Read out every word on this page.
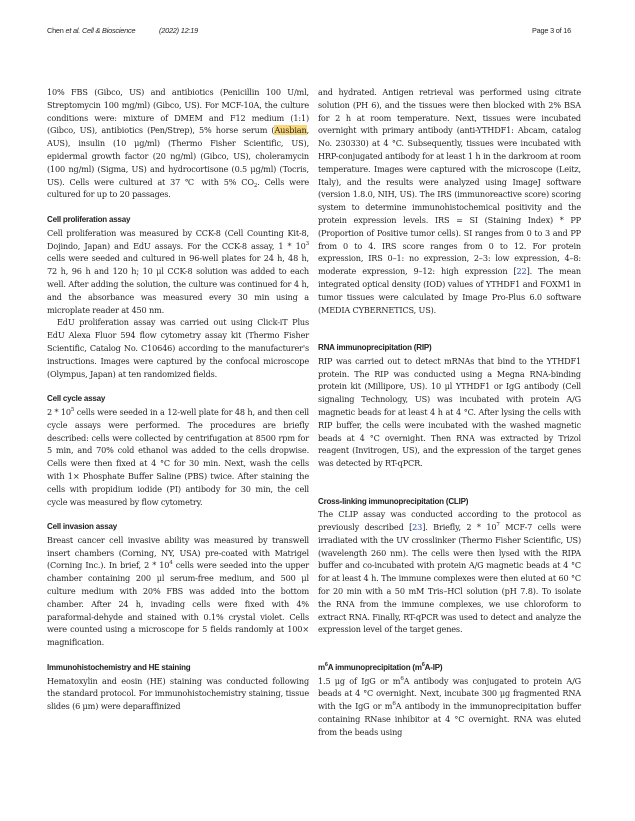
Chen et al. Cell & Bioscience	(2022) 12:19	Page 3 of 16

10% FBS (Gibco, US) and antibiotics (Penicillin 100 U/ml, Streptomycin 100 mg/ml) (Gibco, US). For MCF-10A, the culture conditions were: mixture of DMEM and F12 medium (1:1) (Gibco, US), antibiotics (Pen/Strep), 5% horse serum (Ausbian, AUS), insulin (10 μg/ml) (Thermo Fisher Scientific, US), epidermal growth factor (20 ng/ml) (Gibco, US), choleramycin (100 ng/ml) (Sigma, US) and hydrocortisone (0.5 μg/ml) (Tocris, US). Cells were cultured at 37 ℃ with 5% $CO_2$. Cells were cultured for up to 20 passages.

Cell proliferation assay

Cell proliferation was measured by CCK-8 (Cell Counting Kit-8, Dojindo, Japan) and EdU assays. For the CCK-8 assay, $1 * 10^3$ cells were seeded and cultured in 96-well plates for 24 h, 48 h, 72 h, 96 h and 120 h; 10 μl CCK-8 solution was added to each well. After adding the solution, the culture was continued for 4 h, and the absorbance was measured every 30 min using a microplate reader at 450 nm.

EdU proliferation assay was carried out using Click-iT Plus EdU Alexa Fluor 594 flow cytometry assay kit (Thermo Fisher Scientific, Catalog No. C10646) according to the manufacturer's instructions. Images were captured by the confocal microscope (Olympus, Japan) at ten randomized fields.

Cell cycle assay

$2 * 10^5$ cells were seeded in a 12-well plate for 48 h, and then cell cycle assays were performed. The procedures are briefly described: cells were collected by centrifugation at 8500 rpm for 5 min, and 70% cold ethanol was added to the cells dropwise. Cells were then fixed at 4 °C for 30 min. Next, wash the cells with 1× Phosphate Buffer Saline (PBS) twice. After staining the cells with propidium iodide (PI) antibody for 30 min, the cell cycle was measured by flow cytometry.

Cell invasion assay

Breast cancer cell invasive ability was measured by transwell insert chambers (Corning, NY, USA) pre-coated with Matrigel (Corning Inc.). In brief, $2 * 10^4$ cells were seeded into the upper chamber containing 200 μl serum-free medium, and 500 μl culture medium with 20% FBS was added into the bottom chamber. After 24 h, invading cells were fixed with 4% paraformal-dehyde and stained with 0.1% crystal violet. Cells were counted using a microscope for 5 fields randomly at 100× magnification.

Immunohistochemistry and HE staining

Hematoxylin and eosin (HE) staining was conducted following the standard protocol. For immunohistochemistry staining, tissue slides (6 μm) were deparaffinized

and hydrated. Antigen retrieval was performed using citrate solution (PH 6), and the tissues were then blocked with 2% BSA for 2 h at room temperature. Next, tissues were incubated overnight with primary antibody (anti-YTHDF1: Abcam, catalog No. 230330) at 4 °C. Subsequently, tissues were incubated with HRP-conjugated antibody for at least 1 h in the darkroom at room temperature. Images were captured with the microscope (Leitz, Italy), and the results were analyzed using ImageJ software (version 1.8.0, NIH, US). The IRS (immunoreactive score) scoring system to determine immunohistochemical positivity and the protein expression levels. IRS = SI (Staining Index) * PP (Proportion of Positive tumor cells). SI ranges from 0 to 3 and PP from 0 to 4. IRS score ranges from 0 to 12. For protein expression, IRS 0–1: no expression, 2–3: low expression, 4–8: moderate expression, 9–12: high expression [22]. The mean integrated optical density (IOD) values of YTHDF1 and FOXM1 in tumor tissues were calculated by Image Pro-Plus 6.0 software (MEDIA CYBERNETICS, US).

RNA immunoprecipitation (RIP)

RIP was carried out to detect mRNAs that bind to the YTHDF1 protein. The RIP was conducted using a Megna RNA-binding protein kit (Millipore, US). 10 μl YTHDF1 or IgG antibody (Cell signaling Technology, US) was incubated with protein A/G magnetic beads for at least 4 h at 4 °C. After lysing the cells with RIP buffer, the cells were incubated with the washed magnetic beads at 4 °C overnight. Then RNA was extracted by Trizol reagent (Invitrogen, US), and the expression of the target genes was detected by RT-qPCR.

Cross-linking immunoprecipitation (CLIP)

The CLIP assay was conducted according to the protocol as previously described [23]. Briefly, $2 * 10^7$ MCF-7 cells were irradiated with the UV crosslinker (Thermo Fisher Scientific, US) (wavelength 260 nm). The cells were then lysed with the RIPA buffer and co-incubated with protein A/G magnetic beads at 4 °C for at least 4 h. The immune complexes were then eluted at 60 °C for 20 min with a 50 mM Tris–HCl solution (pH 7.8). To isolate the RNA from the immune complexes, we use chloroform to extract RNA. Finally, RT-qPCR was used to detect and analyze the expression level of the target genes.

$m^6A$ immunoprecipitation $(m^6A-IP)$

1.5 μg of IgG or $m^6A$ antibody was conjugated to protein A/G beads at 4 °C overnight. Next, incubate 300 μg fragmented RNA with the IgG or $m^6A$ antibody in the immunoprecipitation buffer containing RNase inhibitor at 4 °C overnight. RNA was eluted from the beads using
